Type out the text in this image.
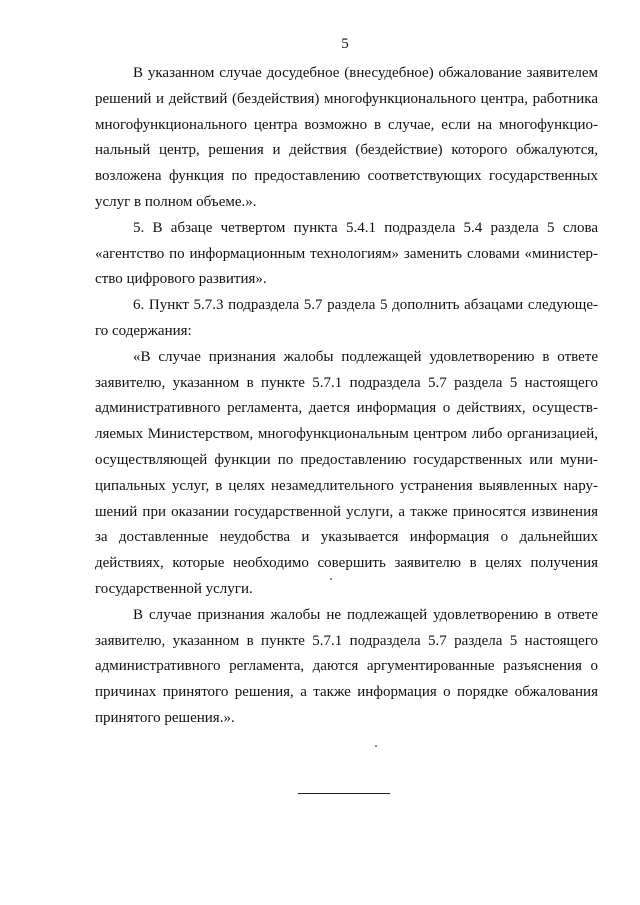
5

В указанном случае досудебное (внесудебное) обжалование заявителем решений и действий (бездействия) многофункционального центра, работника многофункционального центра возможно в случае, если на многофункциональный центр, решения и действия (бездействие) которого обжалуются, возложена функция по предоставлению соответствующих государственных услуг в полном объеме.».

5. В абзаце четвертом пункта 5.4.1 подраздела 5.4 раздела 5 слова «агентство по информационным технологиям» заменить словами «министерство цифрового развития».

6. Пункт 5.7.3 подраздела 5.7 раздела 5 дополнить абзацами следующего содержания:

«В случае признания жалобы подлежащей удовлетворению в ответе заявителю, указанном в пункте 5.7.1 подраздела 5.7 раздела 5 настоящего административного регламента, дается информация о действиях, осуществляемых Министерством, многофункциональным центром либо организацией, осуществляющей функции по предоставлению государственных или муниципальных услуг, в целях незамедлительного устранения выявленных нарушений при оказании государственной услуги, а также приносятся извинения за доставленные неудобства и указывается информация о дальнейших действиях, которые необходимо совершить заявителю в целях получения государственной услуги.

В случае признания жалобы не подлежащей удовлетворению в ответе заявителю, указанном в пункте 5.7.1 подраздела 5.7 раздела 5 настоящего административного регламента, даются аргументированные разъяснения о причинах принятого решения, а также информация о порядке обжалования принятого решения.».
